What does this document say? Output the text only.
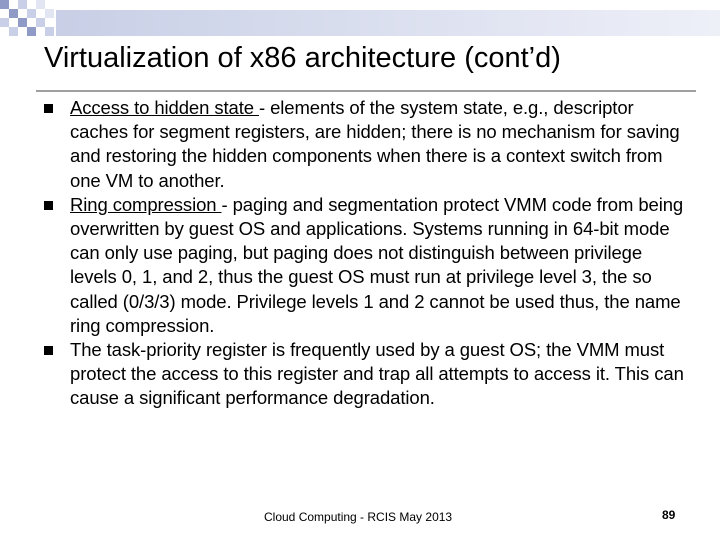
Virtualization of x86 architecture (cont’d)
Access to hidden state - elements of the system state, e.g., descriptor caches for segment registers, are hidden; there is no mechanism for saving and restoring the hidden components when there is a context switch from one VM to another.
Ring compression - paging and segmentation protect VMM code from being overwritten by guest OS and applications. Systems running in 64-bit mode can only use paging, but paging does not distinguish between privilege levels 0, 1, and 2, thus the guest OS must run at privilege level 3, the so called (0/3/3) mode. Privilege levels 1 and 2 cannot be used thus, the name ring compression.
The task-priority register is frequently used by a guest OS; the VMM must protect the access to this register and trap all attempts to access it. This can cause a significant performance degradation.
Cloud Computing - RCIS May 2013	89
